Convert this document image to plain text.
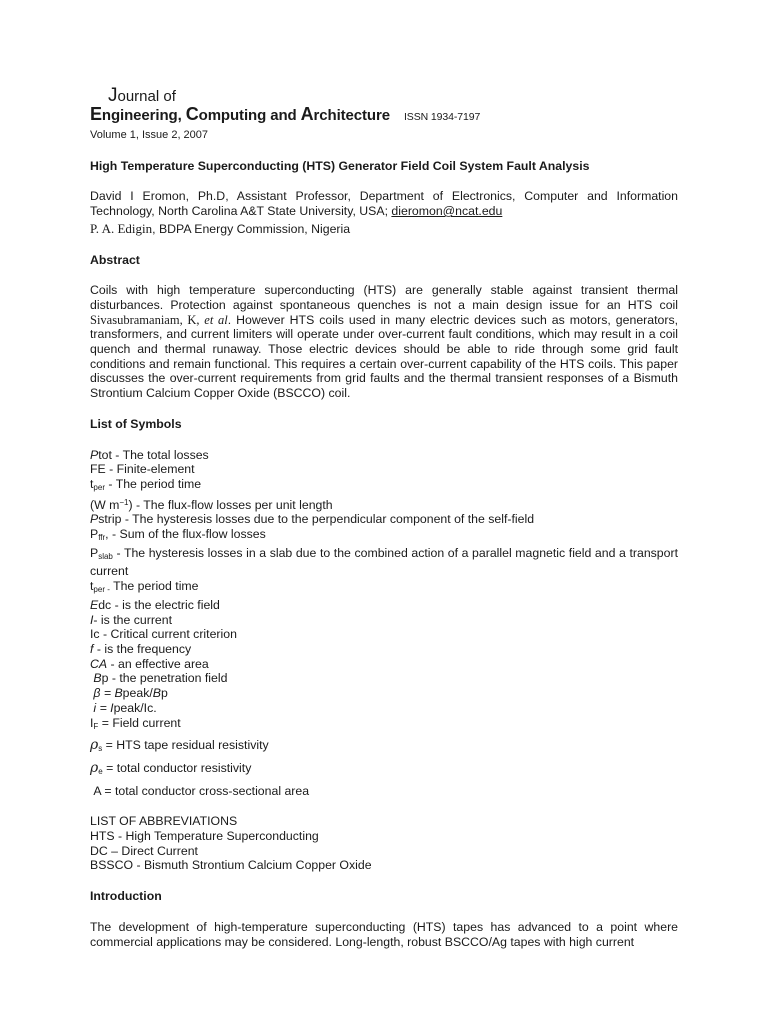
Journal of
Engineering, Computing and Architecture ISSN 1934-7197
Volume 1, Issue 2, 2007
High Temperature Superconducting (HTS) Generator Field Coil System Fault Analysis
David I Eromon, Ph.D, Assistant Professor, Department of Electronics, Computer and Information Technology, North Carolina A&T State University, USA; dieromon@ncat.edu
P. A. Edigin, BDPA Energy Commission, Nigeria
Abstract
Coils with high temperature superconducting (HTS) are generally stable against transient thermal disturbances. Protection against spontaneous quenches is not a main design issue for an HTS coil Sivasubramaniam, K, et al. However HTS coils used in many electric devices such as motors, generators, transformers, and current limiters will operate under over-current fault conditions, which may result in a coil quench and thermal runaway. Those electric devices should be able to ride through some grid fault conditions and remain functional. This requires a certain over-current capability of the HTS coils. This paper discusses the over-current requirements from grid faults and the thermal transient responses of a Bismuth Strontium Calcium Copper Oxide (BSCCO) coil.
List of Symbols
Ptot - The total losses
FE - Finite-element
$t_{per}$ - The period time
(W $m^{-1}$) - The flux-flow losses per unit length
Pstrip - The hysteresis losses due to the perpendicular component of the self-field
$P_{ffr}$, - Sum of the flux-flow losses
$P_{slab}$ - The hysteresis losses in a slab due to the combined action of a parallel magnetic field and a transport current
$t_{per -}$ The period time
Edc - is the electric field
I- is the current
Ic - Critical current criterion
f - is the frequency
CA - an effective area
Bp - the penetration field
β = Bpeak/Bp
i = Ipeak/Ic.
$I_F$ = Field current
$\rho_s$ = HTS tape residual resistivity
$\rho_e$ = total conductor resistivity
A = total conductor cross-sectional area
LIST OF ABBREVIATIONS
HTS - High Temperature Superconducting
DC – Direct Current
BSSCO - Bismuth Strontium Calcium Copper Oxide
Introduction
The development of high-temperature superconducting (HTS) tapes has advanced to a point where commercial applications may be considered. Long-length, robust BSCCO/Ag tapes with high current
